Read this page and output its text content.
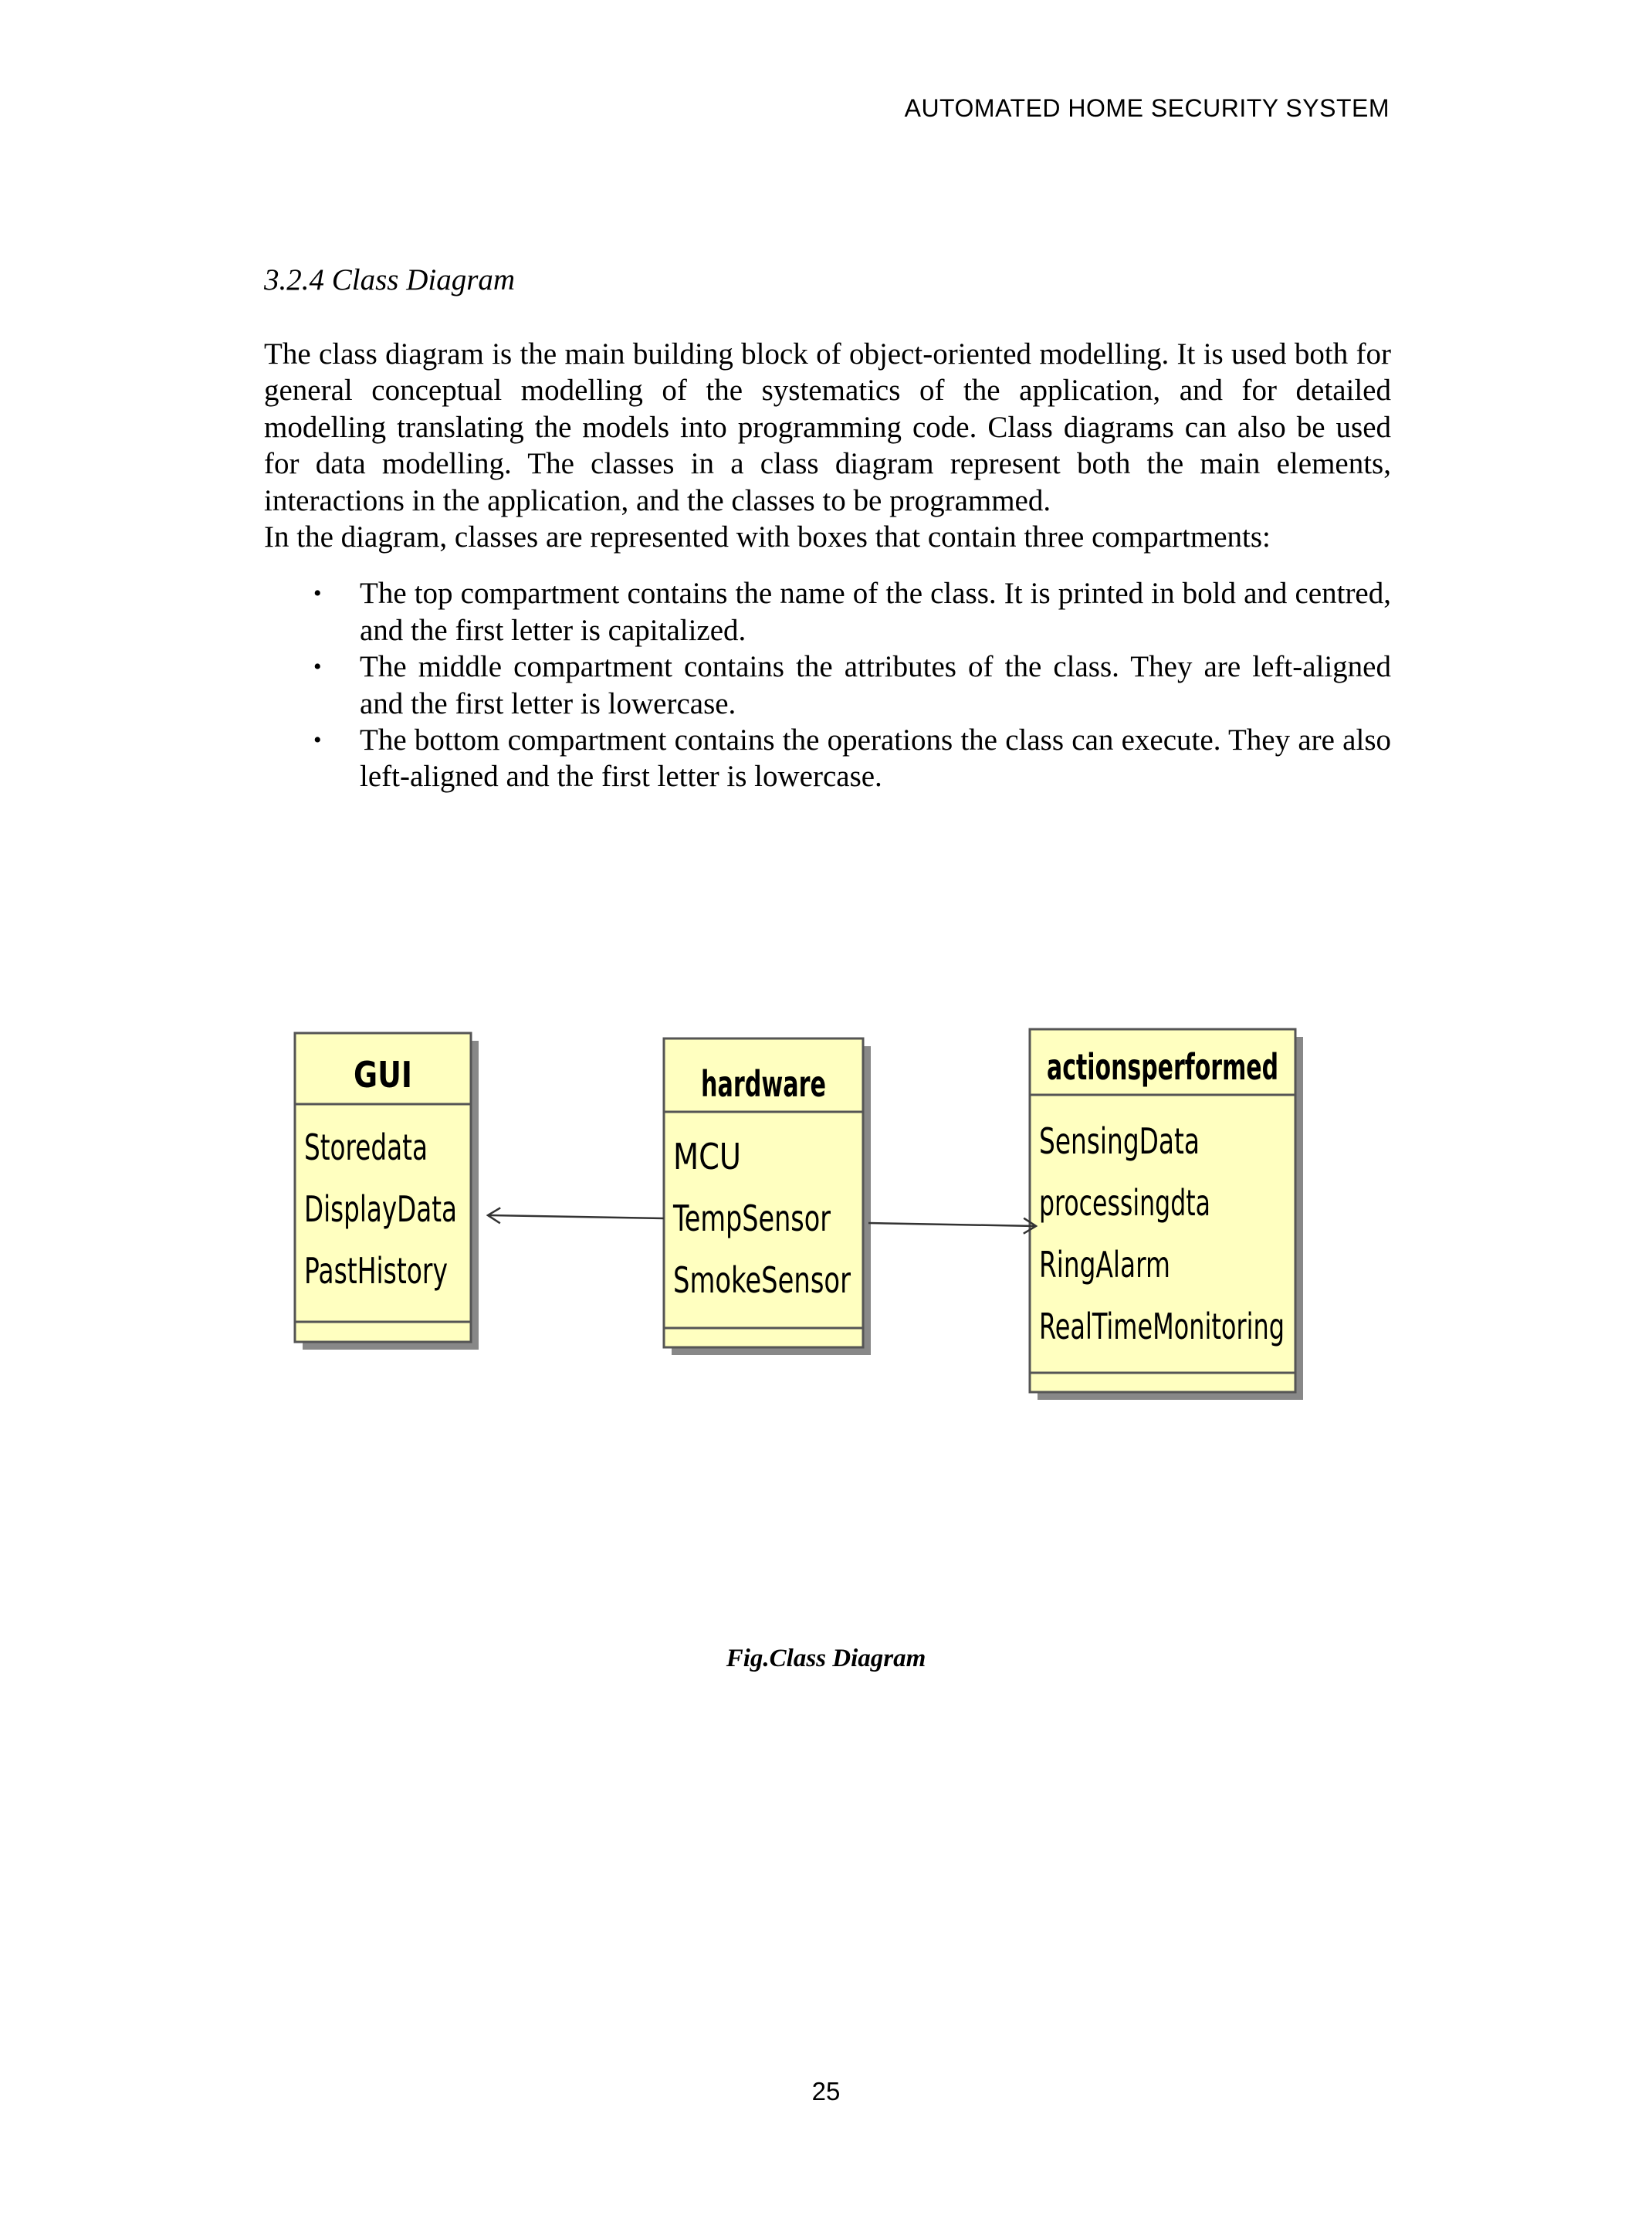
AUTOMATED HOME SECURITY SYSTEM
3.2.4 Class Diagram

The class diagram is the main building block of object-oriented modelling. It is used both for general conceptual modelling of the systematics of the application, and for detailed modelling translating the models into programming code. Class diagrams can also be used for data modelling. The classes in a class diagram represent both the main elements, interactions in the application, and the classes to be programmed.

In the diagram, classes are represented with boxes that contain three compartments:

• The top compartment contains the name of the class. It is printed in bold and centred, and the first letter is capitalized.
• The middle compartment contains the attributes of the class. They are left-aligned and the first letter is lowercase.
• The bottom compartment contains the operations the class can execute. They are also left-aligned and the first letter is lowercase.
GUI
Storedata
DisplayData
PastHistory
hardware
MCU
TempSensor
SmokeSensor
actionsperformed
SensingData
processingdta
RingAlarm
RealTimeMonitoring
Fig.Class Diagram
25
